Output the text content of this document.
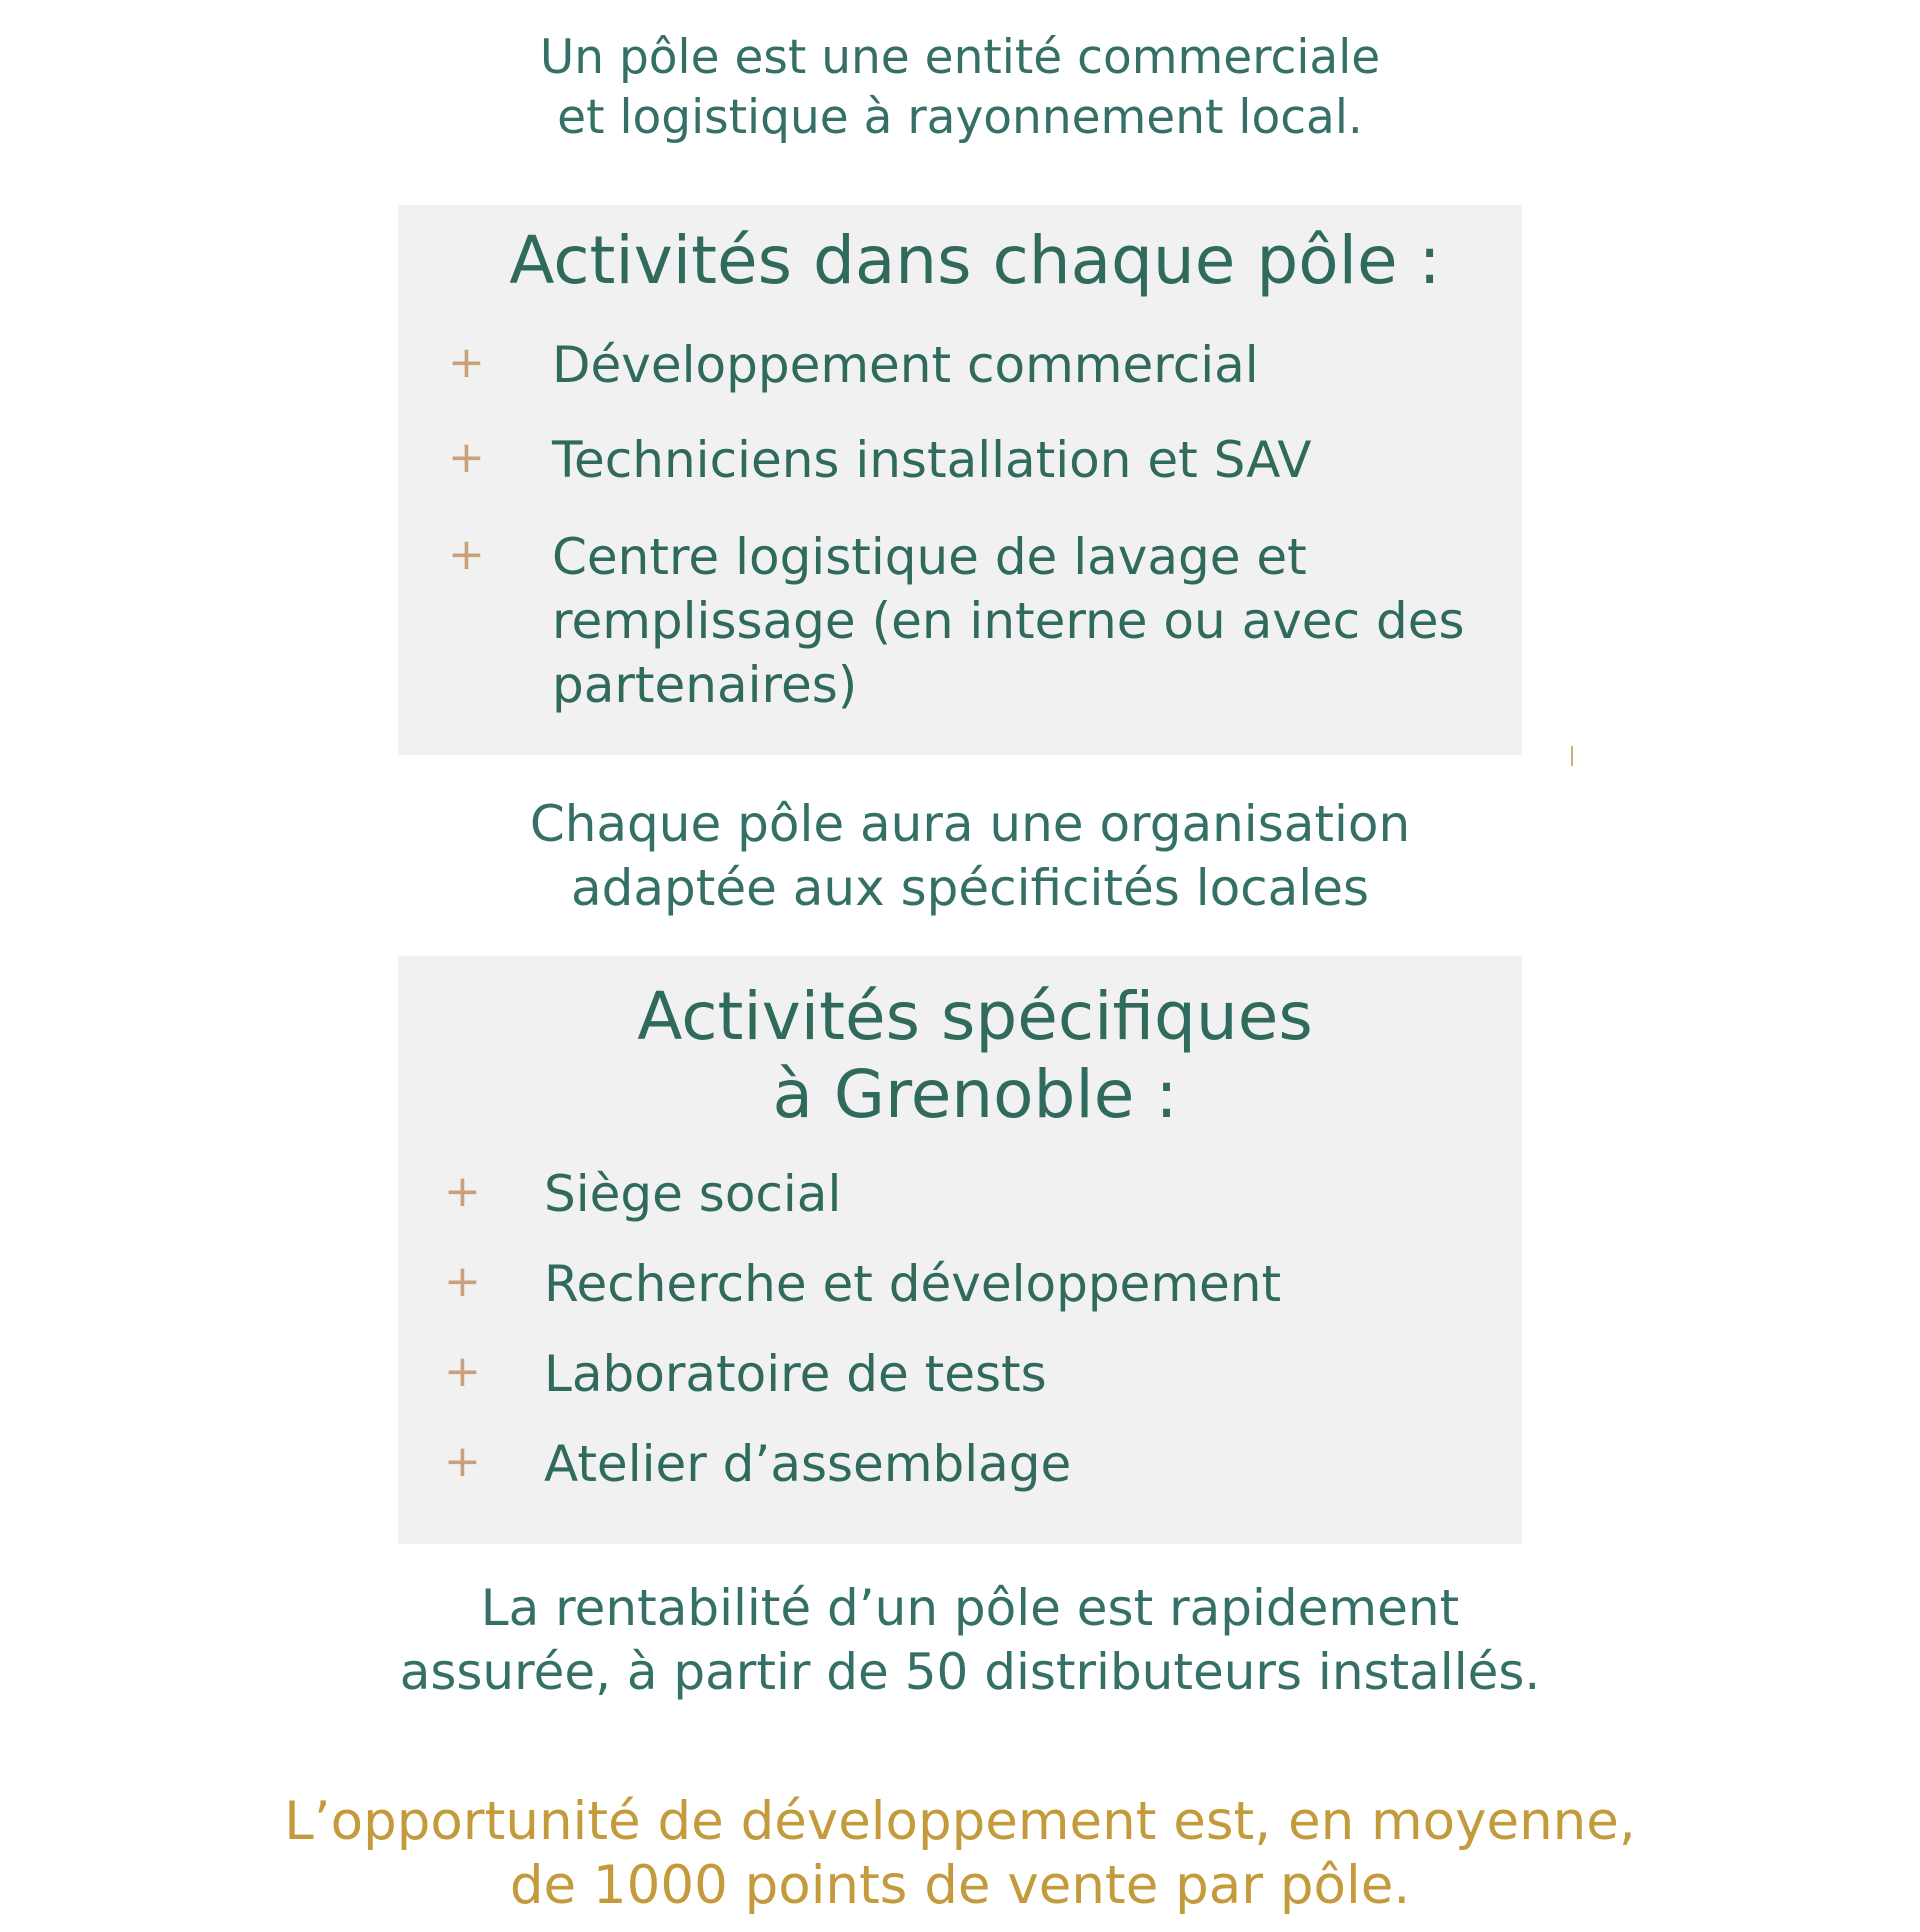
Un pôle est une entité commerciale
et logistique à rayonnement local.
Activités dans chaque pôle :
+ Développement commercial
+ Techniciens installation et SAV
+ Centre logistique de lavage et
remplissage (en interne ou avec des
partenaires)
Chaque pôle aura une organisation
adaptée aux spécificités locales
Activités spécifiques
à Grenoble :
+ Siège social
+ Recherche et développement
+ Laboratoire de tests
+ Atelier d’assemblage
La rentabilité d’un pôle est rapidement
assurée, à partir de 50 distributeurs installés.
L’opportunité de développement est, en moyenne,
de 1000 points de vente par pôle.
